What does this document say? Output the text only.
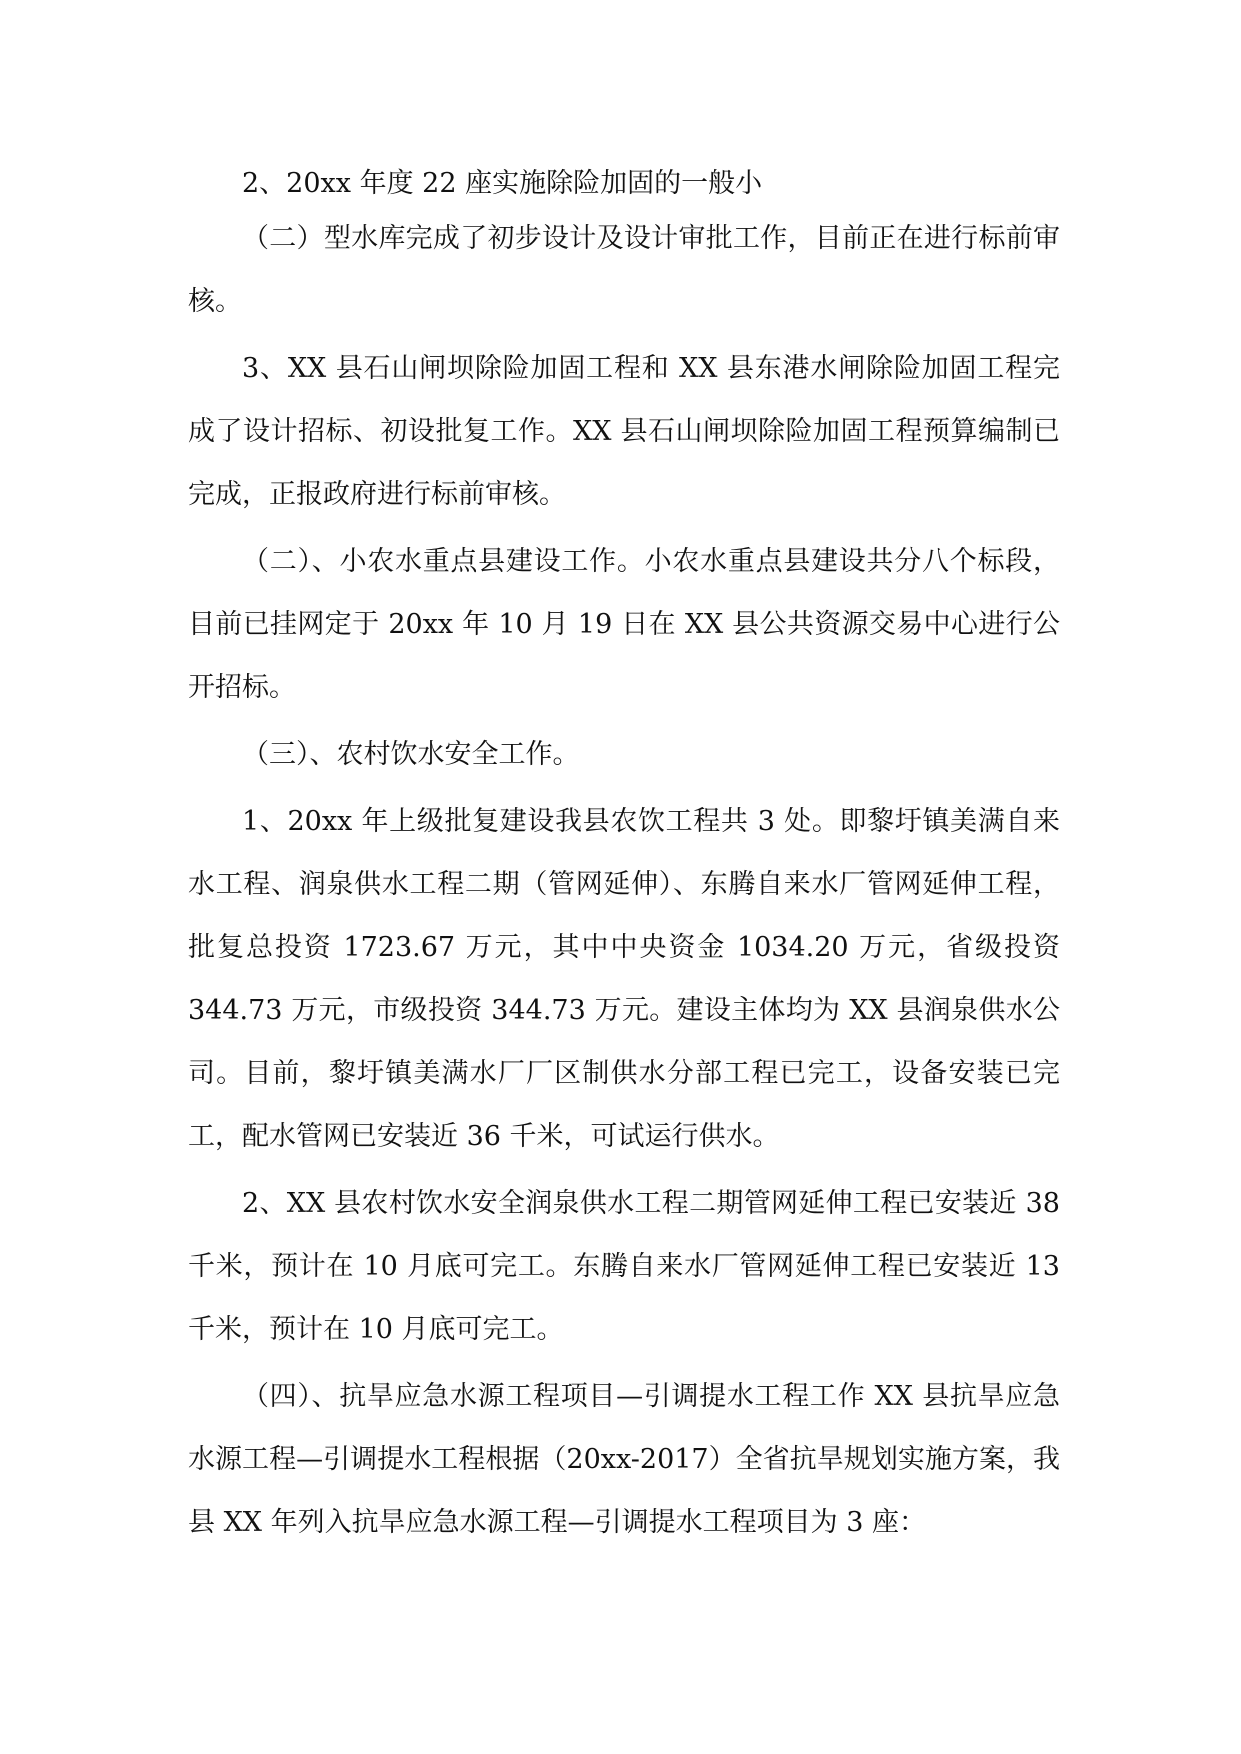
2、20xx 年度 22 座实施除险加固的一般小

（二）型水库完成了初步设计及设计审批工作，目前正在进行标前审核。

3、XX 县石山闸坝除险加固工程和 XX 县东港水闸除险加固工程完成了设计招标、初设批复工作。XX 县石山闸坝除险加固工程预算编制已完成，正报政府进行标前审核。

（二）、小农水重点县建设工作。小农水重点县建设共分八个标段，目前已挂网定于 20xx 年 10 月 19 日在 XX 县公共资源交易中心进行公开招标。

（三）、农村饮水安全工作。

1、20xx 年上级批复建设我县农饮工程共 3 处。即黎圩镇美满自来水工程、润泉供水工程二期（管网延伸）、东腾自来水厂管网延伸工程，批复总投资 1723.67 万元，其中中央资金 1034.20 万元，省级投资 344.73 万元，市级投资 344.73 万元。建设主体均为 XX 县润泉供水公司。目前，黎圩镇美满水厂厂区制供水分部工程已完工，设备安装已完工，配水管网已安装近 36 千米，可试运行供水。

2、XX 县农村饮水安全润泉供水工程二期管网延伸工程已安装近 38 千米，预计在 10 月底可完工。东腾自来水厂管网延伸工程已安装近 13 千米，预计在 10 月底可完工。

（四）、抗旱应急水源工程项目—引调提水工程工作 XX 县抗旱应急水源工程—引调提水工程根据（20xx-2017）全省抗旱规划实施方案，我县 XX 年列入抗旱应急水源工程—引调提水工程项目为 3 座：
